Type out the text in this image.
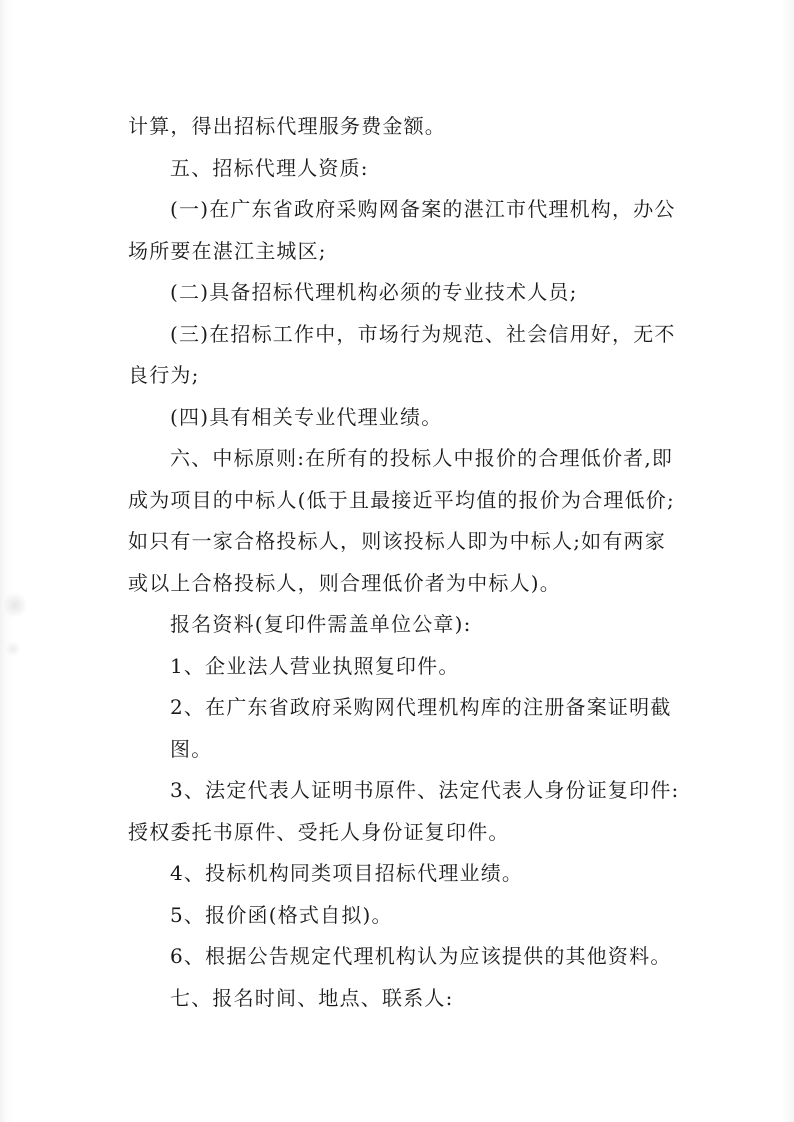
计算，得出招标代理服务费金额。
五、招标代理人资质:
(一)在广东省政府采购网备案的湛江市代理机构，办公
场所要在湛江主城区;
(二)具备招标代理机构必须的专业技术人员;
(三)在招标工作中，市场行为规范、社会信用好，无不
良行为;
(四)具有相关专业代理业绩。
六、中标原则:在所有的投标人中报价的合理低价者,即
成为项目的中标人(低于且最接近平均值的报价为合理低价;
如只有一家合格投标人，则该投标人即为中标人;如有两家
或以上合格投标人，则合理低价者为中标人)。
报名资料(复印件需盖单位公章):
1、企业法人营业执照复印件。
2、在广东省政府采购网代理机构库的注册备案证明截
图。
3、法定代表人证明书原件、法定代表人身份证复印件:
授权委托书原件、受托人身份证复印件。
4、投标机构同类项目招标代理业绩。
5、报价函(格式自拟)。
6、根据公告规定代理机构认为应该提供的其他资料。
七、报名时间、地点、联系人:
